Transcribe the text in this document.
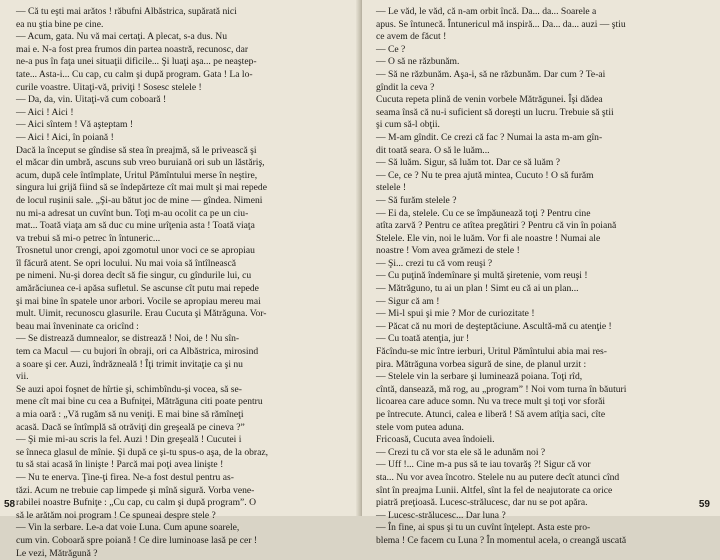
— Că tu eşti mai arătos ! răbufni Albăstrica, supărată nici
ea nu ştia bine pe cine.
— Acum, gata. Nu vă mai certaţi. A plecat, s-a dus. Nu
mai e. N-a fost prea frumos din partea noastră, recunosc, dar
ne-a pus în faţa unei situaţii dificile... Şi luaţi aşa... pe neaştep-
tate... Asta-i... Cu cap, cu calm şi după program. Gata ! La lo-
curile voastre. Uitaţi-vă, priviţi ! Sosesc stelele !
— Da, da, vin. Uitaţi-vă cum coboară !
— Aici ! Aici !
— Aici sîntem ! Vă aşteptam !
— Aici ! Aici, în poiană !
Dacă la început se gîndise să stea în preajmă, să le privească şi
el măcar din umbră, ascuns sub vreo buruiană ori sub un lăstăriş,
acum, după cele întîmplate, Uritul Pămîntului merse în neştire,
singura lui grijă fiind să se îndepărteze cît mai mult şi mai repede
de locul rușinii sale. „Şi-au bătut joc de mine — gîndea. Nimeni
nu mi-a adresat un cuvînt bun. Toţi m-au ocolit ca pe un ciu-
mat... Toată viaţa am să duc cu mine urîţenia asta ! Toată viaţa
va trebui să mi-o petrec în întuneric...
Trosnetul unor crengi, apoi zgomotul unor voci ce se apropiau
îl făcură atent. Se opri locului. Nu mai voia să întîlnească
pe nimeni. Nu-şi dorea decît să fie singur, cu gîndurile lui, cu
amărăciunea ce-i apăsa sufletul. Se ascunse cît putu mai repede
şi mai bine în spatele unor arbori. Vocile se apropiau mereu mai
mult. Uimit, recunoscu glasurile. Erau Cucuta şi Mătrăguna. Vor-
beau mai înveninate ca oricînd :
— Se distrează dumnealor, se distrează ! Noi, de ! Nu sîn-
tem ca Macul — cu bujori în obraji, ori ca Albăstrica, mirosind
a soare şi cer. Auzi, îndrăzneală ! Îţi trimit invitaţie ca şi nu
vii.
Se auzi apoi foşnet de hîrtie şi, schimbîndu-şi vocea, să se-
mene cît mai bine cu cea a Bufniţei, Mătrăguna citi poate pentru
a mia oară : „Vă rugăm să nu veniţi. E mai bine să rămîneţi
acasă. Dacă se întîmplă să otrăviţi din greşeală pe cineva ?”
— Şi mie mi-au scris la fel. Auzi ! Din greşeală ! Cucutei i
se înneca glasul de mînie. Şi după ce şi-tu spus-o aşa, de la obraz,
tu să stai acasă în linişte ! Parcă mai poţi avea linişte !
— Nu te enerva. Ţine-ţi firea. Ne-a fost destul pentru as-
tăzi. Acum ne trebuie cap limpede şi mînă sigură. Vorba vene-
rabilei noastre Bufniţe : „Cu cap, cu calm şi după program”. O
să le arătăm noi program ! Ce spuneai despre stele ?
— Vin la serbare. Le-a dat voie Luna. Cum apune soarele,
cum vin. Coboară spre poiană ! Ce dire luminoase lasă pe cer !
Le vezi, Mătrăgună ?
58
— Le văd, le văd, că n-am orbit încă. Da... da... Soarele a
apus. Se întunecă. Întunericul mă inspiră... Da... da... auzi — ştiu
ce avem de făcut !
— Ce ?
— O să ne răzbunăm.
— Să ne răzbunăm. Aşa-i, să ne răzbunăm. Dar cum ? Te-ai
gîndit la ceva ?
Cucuta repeta plină de venin vorbele Mătrăgunei. Îşi dădea
seama însă că nu-i suficient să doreşti un lucru. Trebuie să ştii
şi cum să-l obţii.
— M-am gîndit. Ce crezi că fac ? Numai la asta m-am gîn-
dit toată seara. O să le luăm...
— Să luăm. Sigur, să luăm tot. Dar ce să luăm ?
— Ce, ce ? Nu te prea ajută mintea, Cucuto ! O să furăm
stelele !
— Să furăm stelele ?
— Ei da, stelele. Cu ce se împăunează toţi ? Pentru cine
atîta zarvă ? Pentru ce atîtea pregătiri ? Pentru că vin în poiană
Stelele. Ele vin, noi le luăm. Vor fi ale noastre ! Numai ale
noastre ! Vom avea grămezi de stele !
— Şi... crezi tu că vom reuşi ?
— Cu puţină îndemînare şi multă şiretenie, vom reuşi !
— Mătrăguno, tu ai un plan ! Simt eu că ai un plan...
— Sigur că am !
— Mi-l spui şi mie ? Mor de curiozitate !
— Păcat că nu mori de deşteptăciune. Ascultă-mă cu atenţie !
— Cu toată atenţia, jur !
Făcîndu-se mic între ierburi, Uritul Pămîntului abia mai res-
pira. Mătrăguna vorbea sigură de sine, de planul urzit :
— Stelele vin la serbare şi luminează poiana. Toţi rîd,
cîntă, dansează, mă rog, au „program” ! Noi vom turna în băuturi
licoarea care aduce somn. Nu va trece mult şi toţi vor sforăi
pe întrecute. Atunci, calea e liberă ! Să avem atîţia saci, cîte
stele vom putea aduna.
Fricoasă, Cucuta avea îndoieli.
— Crezi tu că vor sta ele să le adunăm noi ?
— Uff !... Cine m-a pus să te iau tovarăş ?! Sigur că vor
sta... Nu vor avea încotro. Stelele nu au putere decît atunci cînd
sînt în preajma Lunii. Altfel, sînt la fel de neajutorate ca orice
piatră preţioasă. Lucesc-strălucesc, dar nu se pot apăra.
— Lucesc-strălucesc... Dar luna ?
— În fine, ai spus şi tu un cuvînt înţelept. Asta este pro-
blema ! Ce facem cu Luna ? În momentul acela, o creangă uscată
59
